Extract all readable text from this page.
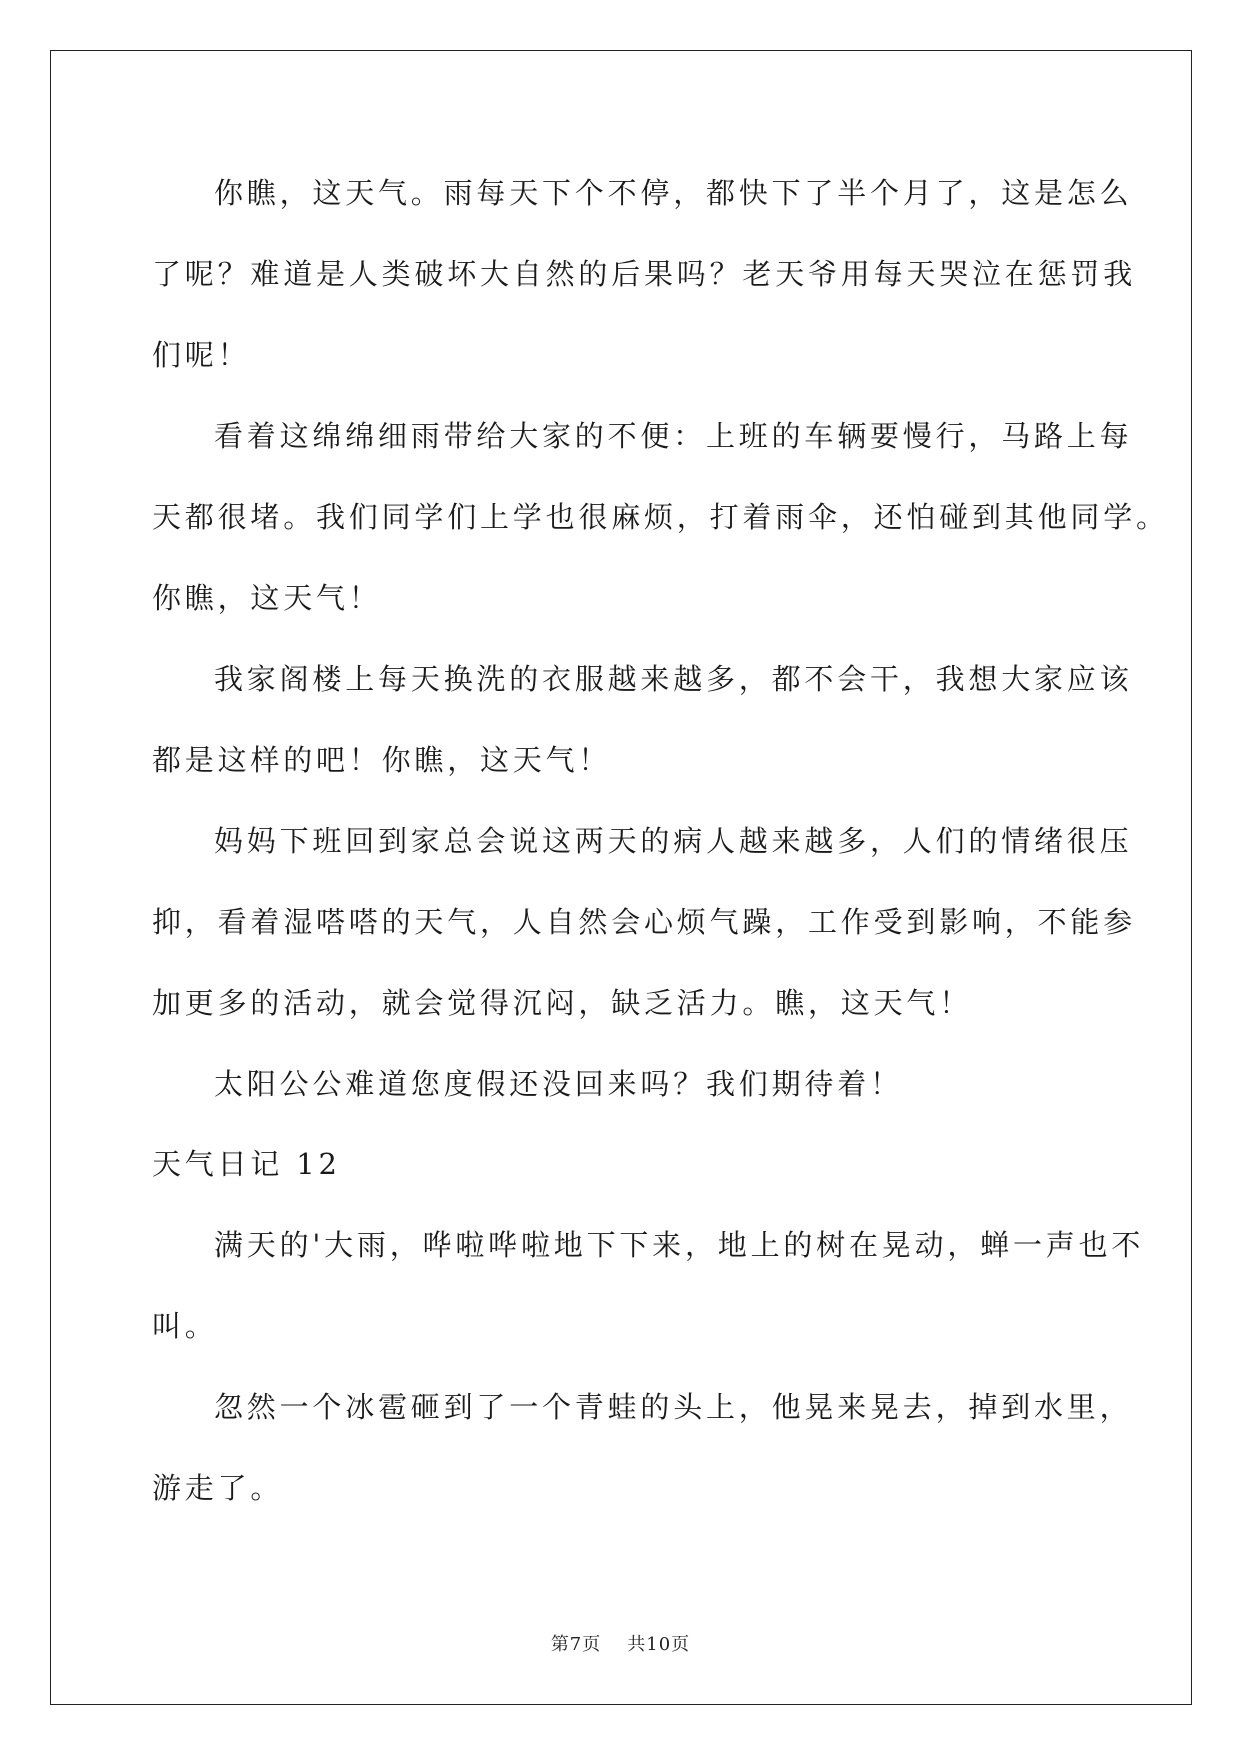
你瞧，这天气。雨每天下个不停，都快下了半个月了，这是怎么
了呢？难道是人类破坏大自然的后果吗？老天爷用每天哭泣在惩罚我
们呢！
看着这绵绵细雨带给大家的不便：上班的车辆要慢行，马路上每
天都很堵。我们同学们上学也很麻烦，打着雨伞，还怕碰到其他同学。
你瞧，这天气！
我家阁楼上每天换洗的衣服越来越多，都不会干，我想大家应该
都是这样的吧！你瞧，这天气！
妈妈下班回到家总会说这两天的病人越来越多，人们的情绪很压
抑，看着湿嗒嗒的天气，人自然会心烦气躁，工作受到影响，不能参
加更多的活动，就会觉得沉闷，缺乏活力。瞧，这天气！
太阳公公难道您度假还没回来吗？我们期待着！
天气日记 12
满天的'大雨，哗啦哗啦地下下来，地上的树在晃动，蝉一声也不
叫。
忽然一个冰雹砸到了一个青蛙的头上，他晃来晃去，掉到水里，
游走了。
第7页 共10页
